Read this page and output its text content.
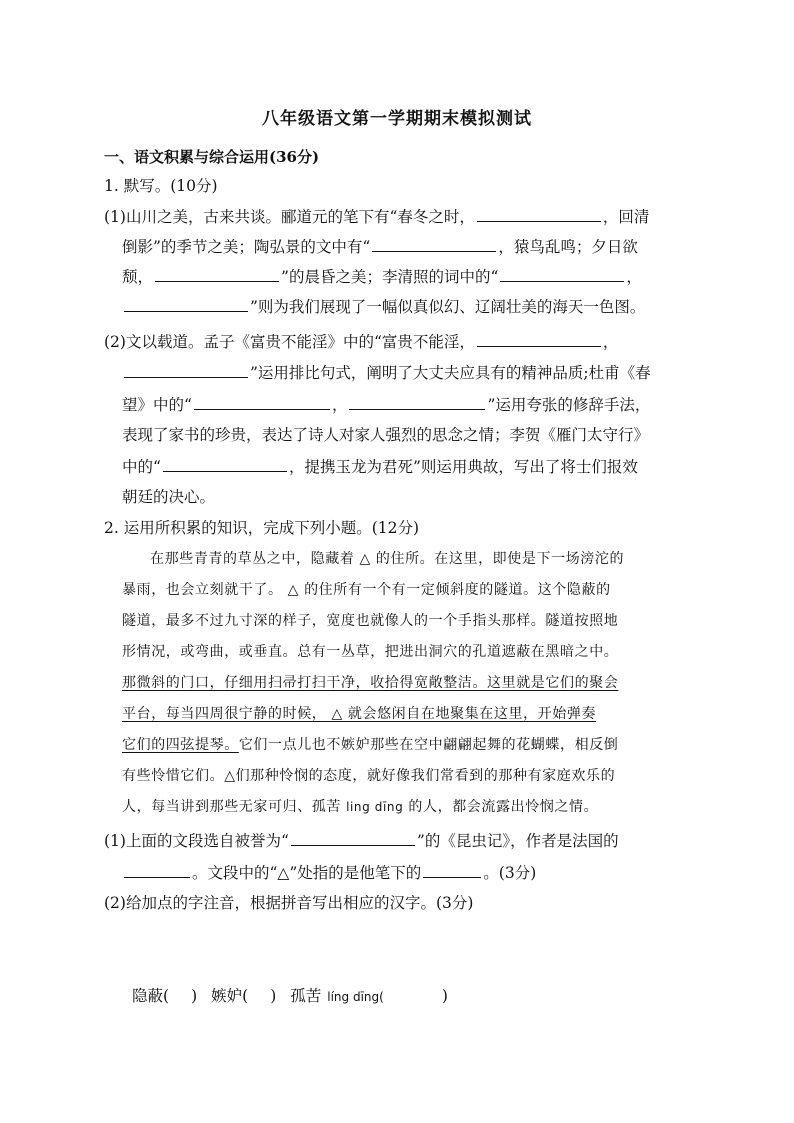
八年级语文第一学期期末模拟测试
一、语文积累与综合运用(36分)
1. 默写。(10分)
(1)山川之美，古来共谈。郦道元的笔下有“春冬之时，	，回清
倒影”的季节之美；陶弘景的文中有“	，猿鸟乱鸣；夕日欲
颓，	”的晨昏之美；李清照的词中的“	，
”则为我们展现了一幅似真似幻、辽阔壮美的海天一色图。
(2)文以载道。孟子《富贵不能淫》中的“富贵不能淫，	，
”运用排比句式，阐明了大丈夫应具有的精神品质;杜甫《春
望》中的“	，	”运用夸张的修辞手法，
表现了家书的珍贵，表达了诗人对家人强烈的思念之情；李贺《雁门太守行》
中的“	，提携玉龙为君死”则运用典故，写出了将士们报效
朝廷的决心。
2. 运用所积累的知识，完成下列小题。(12分)
在那些青青的草丛之中，隐藏着 △ 的住所。在这里，即使是下一场滂沱的
暴雨，也会立刻就干了。 △ 的住所有一个有一定倾斜度的隧道。这个隐蔽的
隧道，最多不过九寸深的样子，宽度也就像人的一个手指头那样。隧道按照地
形情况，或弯曲，或垂直。总有一丛草，把进出洞穴的孔道遮蔽在黑暗之中。
那微斜的门口，仔细用扫帚打扫干净，收拾得宽敞整洁。这里就是它们的聚会
平台，每当四周很宁静的时候， △ 就会悠闲自在地聚集在这里，开始弹奏
它们的四弦提琴。它们一点儿也不嫉妒那些在空中翩翩起舞的花蝴蝶，相反倒
有些怜惜它们。△们那种怜悯的态度，就好像我们常看到的那种有家庭欢乐的
人，每当讲到那些无家可归、孤苦 ling dīng 的人，都会流露出怜悯之情。
(1)上面的文段选自被誉为“	”的《昆虫记》，作者是法国的
。文段中的“△”处指的是他笔下的	。(3分)
(2)给加点的字注音，根据拼音写出相应的汉字。(3分)
隐蔽( ) 嫉妒( ) 孤苦 líng dīng(	)
